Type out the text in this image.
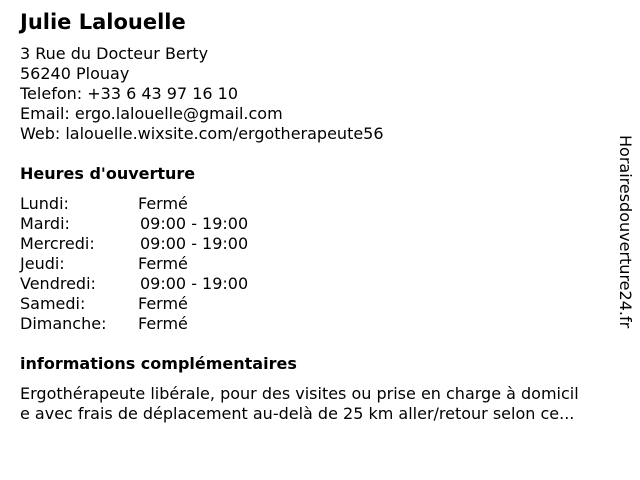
Julie Lalouelle
3 Rue du Docteur Berty
56240 Plouay
Telefon: +33 6 43 97 16 10
Email: ergo.lalouelle@gmail.com
Web: lalouelle.wixsite.com/ergotherapeute56
Heures d'ouverture
Lundi:	Fermé
Mardi:	09:00 - 19:00
Mercredi:	09:00 - 19:00
Jeudi:	Fermé
Vendredi:	09:00 - 19:00
Samedi:	Fermé
Dimanche: Fermé
informations complémentaires
Ergothérapeute libérale, pour des visites ou prise en charge à domicil
e avec frais de déplacement au-delà de 25 km aller/retour selon ce...
Horairesdouverture24.fr
